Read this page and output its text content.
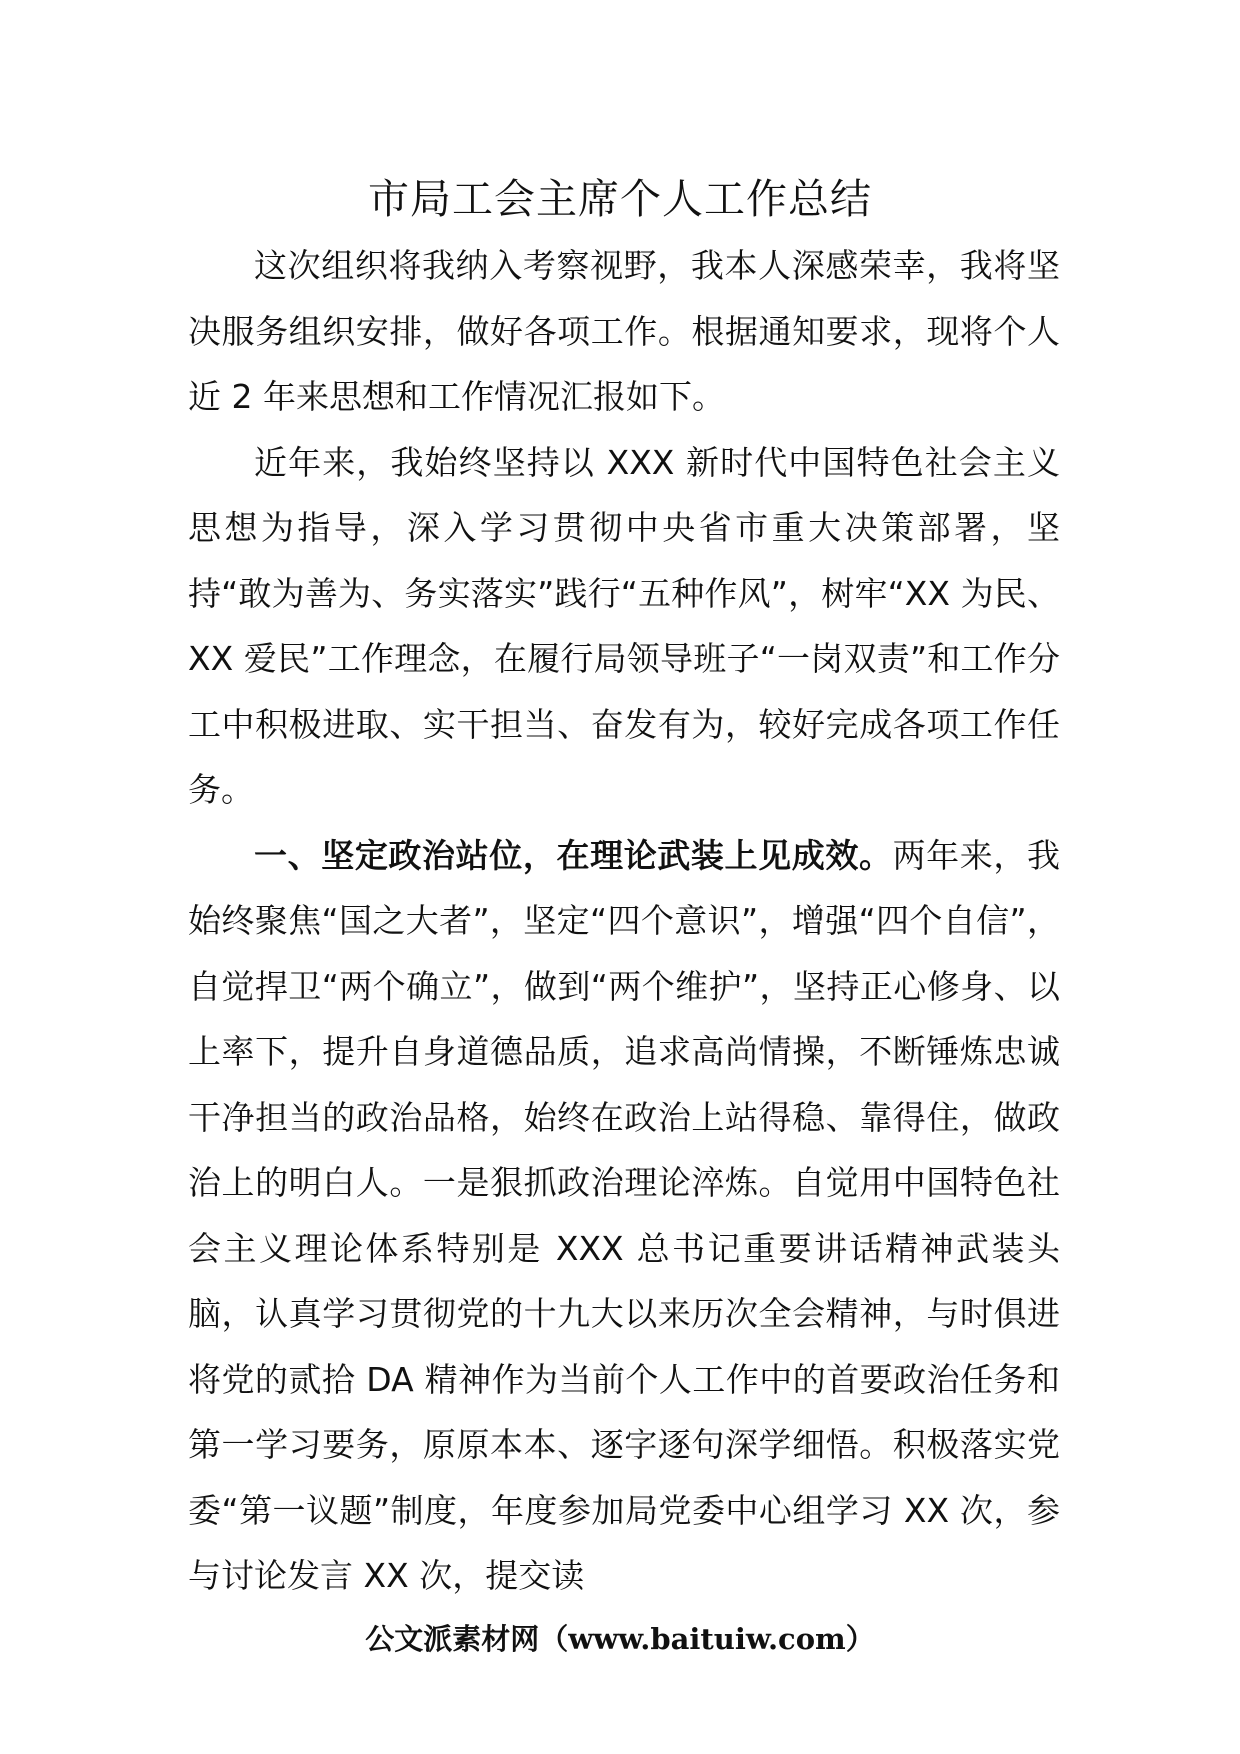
市局工会主席个人工作总结

这次组织将我纳入考察视野，我本人深感荣幸，我将坚决服务组织安排，做好各项工作。根据通知要求，现将个人近 2 年来思想和工作情况汇报如下。

近年来，我始终坚持以 XXX 新时代中国特色社会主义思想为指导，深入学习贯彻中央省市重大决策部署，坚持“敢为善为、务实落实”践行“五种作风”，树牢“XX 为民、XX 爱民”工作理念，在履行局领导班子“一岗双责”和工作分工中积极进取、实干担当、奋发有为，较好完成各项工作任务。

一、坚定政治站位，在理论武装上见成效。两年来，我始终聚焦“国之大者”，坚定“四个意识”，增强“四个自信”，自觉捍卫“两个确立”，做到“两个维护”，坚持正心修身、以上率下，提升自身道德品质，追求高尚情操，不断锤炼忠诚干净担当的政治品格，始终在政治上站得稳、靠得住，做政治上的明白人。一是狠抓政治理论淬炼。自觉用中国特色社会主义理论体系特别是 XXX 总书记重要讲话精神武装头脑，认真学习贯彻党的十九大以来历次全会精神，与时俱进将党的贰拾 DA 精神作为当前个人工作中的首要政治任务和第一学习要务，原原本本、逐字逐句深学细悟。积极落实党委“第一议题”制度，年度参加局党委中心组学习 XX 次，参与讨论发言 XX 次，提交读

公文派素材网（www.baituiw.com）
